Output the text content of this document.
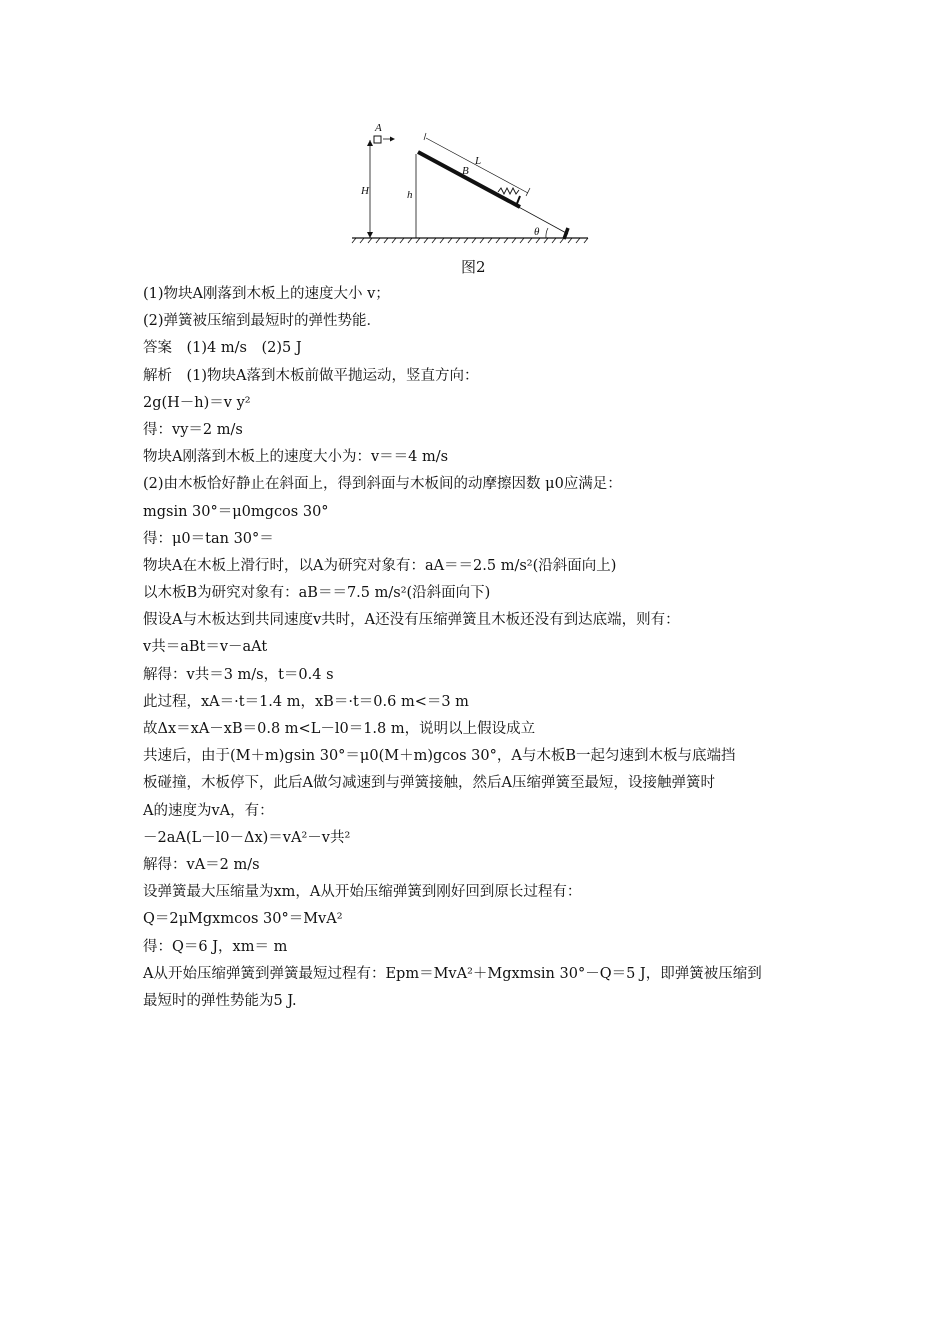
H
A
h
B
L
θ
图2
(1)物块A刚落到木板上的速度大小 v；
(2)弹簧被压缩到最短时的弹性势能．
答案　(1)4 m/s　(2)5 J
解析　(1)物块A落到木板前做平抛运动，竖直方向：
2g(H－h)＝v y²
得：vy＝2 m/s
物块A刚落到木板上的速度大小为：v＝＝4 m/s
(2)由木板恰好静止在斜面上，得到斜面与木板间的动摩擦因数 μ0应满足：
mgsin 30°＝μ0mgcos 30°
得：μ0＝tan 30°＝
物块A在木板上滑行时，以A为研究对象有：aA＝＝2.5 m/s²(沿斜面向上)
以木板B为研究对象有：aB＝＝7.5 m/s²(沿斜面向下)
假设A与木板达到共同速度v共时，A还没有压缩弹簧且木板还没有到达底端，则有：
v共＝aBt＝v－aAt
解得：v共＝3 m/s，t＝0.4 s
此过程，xA＝·t＝1.4 m，xB＝·t＝0.6 m<＝3 m
故Δx＝xA－xB＝0.8 m<L－l0＝1.8 m，说明以上假设成立
共速后，由于(M＋m)gsin 30°＝μ0(M＋m)gcos 30°，A与木板B一起匀速到木板与底端挡
板碰撞，木板停下，此后A做匀减速到与弹簧接触，然后A压缩弹簧至最短，设接触弹簧时
A的速度为vA，有：
－2aA(L－l0－Δx)＝vA²－v共²
解得：vA＝2 m/s
设弹簧最大压缩量为xm，A从开始压缩弹簧到刚好回到原长过程有：
Q＝2μMgxmcos 30°＝MvA²
得：Q＝6 J，xm＝ m
A从开始压缩弹簧到弹簧最短过程有：Epm＝MvA²＋Mgxmsin 30°－Q＝5 J，即弹簧被压缩到
最短时的弹性势能为5 J.
